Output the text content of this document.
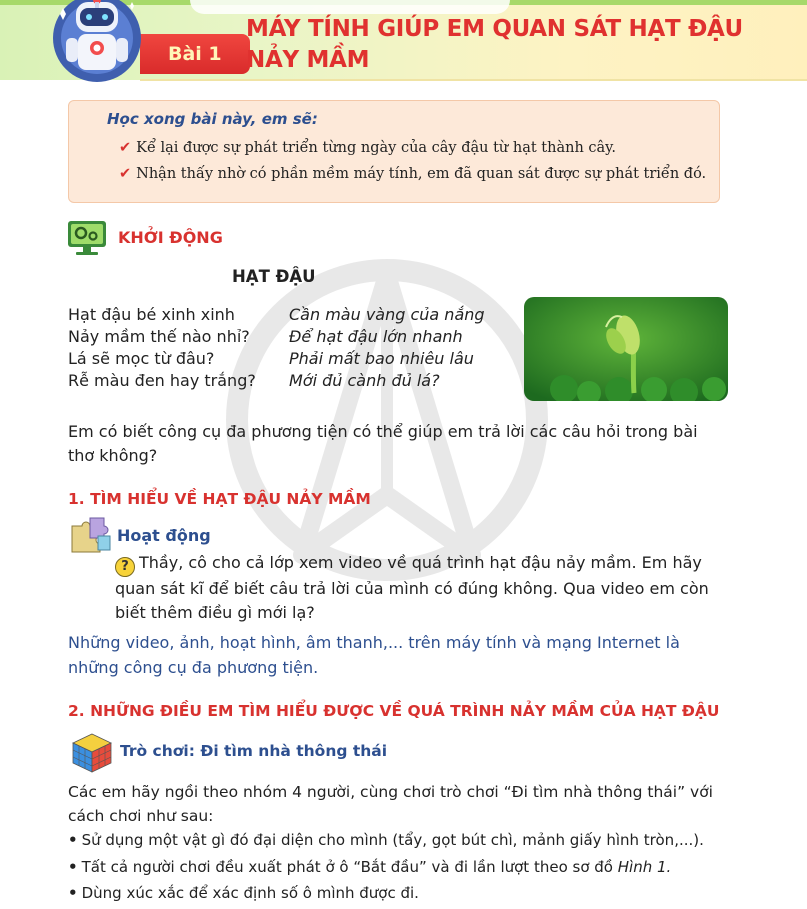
Bài 1
MÁY TÍNH GIÚP EM QUAN SÁT HẠT ĐẬU
NẢY MẦM
Học xong bài này, em sẽ:
✔ Kể lại được sự phát triển từng ngày của cây đậu từ hạt thành cây.
✔ Nhận thấy nhờ có phần mềm máy tính, em đã quan sát được sự phát triển đó.
KHỞI ĐỘNG
HẠT ĐẬU
Hạt đậu bé xinh xinh
Nảy mầm thế nào nhỉ?
Lá sẽ mọc từ đâu?
Rễ màu đen hay trắng?
Cần màu vàng của nắng
Để hạt đậu lớn nhanh
Phải mất bao nhiêu lâu
Mới đủ cành đủ lá?
Em có biết công cụ đa phương tiện có thể giúp em trả lời các câu hỏi trong bài
thơ không?
1. TÌM HIỂU VỀ HẠT ĐẬU NẢY MẦM
Hoạt động
? Thầy, cô cho cả lớp xem video về quá trình hạt đậu nảy mầm. Em hãy
quan sát kĩ để biết câu trả lời của mình có đúng không. Qua video em còn
biết thêm điều gì mới lạ?
Những video, ảnh, hoạt hình, âm thanh,... trên máy tính và mạng Internet là
những công cụ đa phương tiện.
2. NHỮNG ĐIỀU EM TÌM HIỂU ĐƯỢC VỀ QUÁ TRÌNH NẢY MẦM CỦA HẠT ĐẬU
Trò chơi: Đi tìm nhà thông thái
Các em hãy ngồi theo nhóm 4 người, cùng chơi trò chơi “Đi tìm nhà thông thái” với
cách chơi như sau:
• Sử dụng một vật gì đó đại diện cho mình (tẩy, gọt bút chì, mảnh giấy hình tròn,...).
• Tất cả người chơi đều xuất phát ở ô “Bắt đầu” và đi lần lượt theo sơ đồ Hình 1.
• Dùng xúc xắc để xác định số ô mình được đi.
